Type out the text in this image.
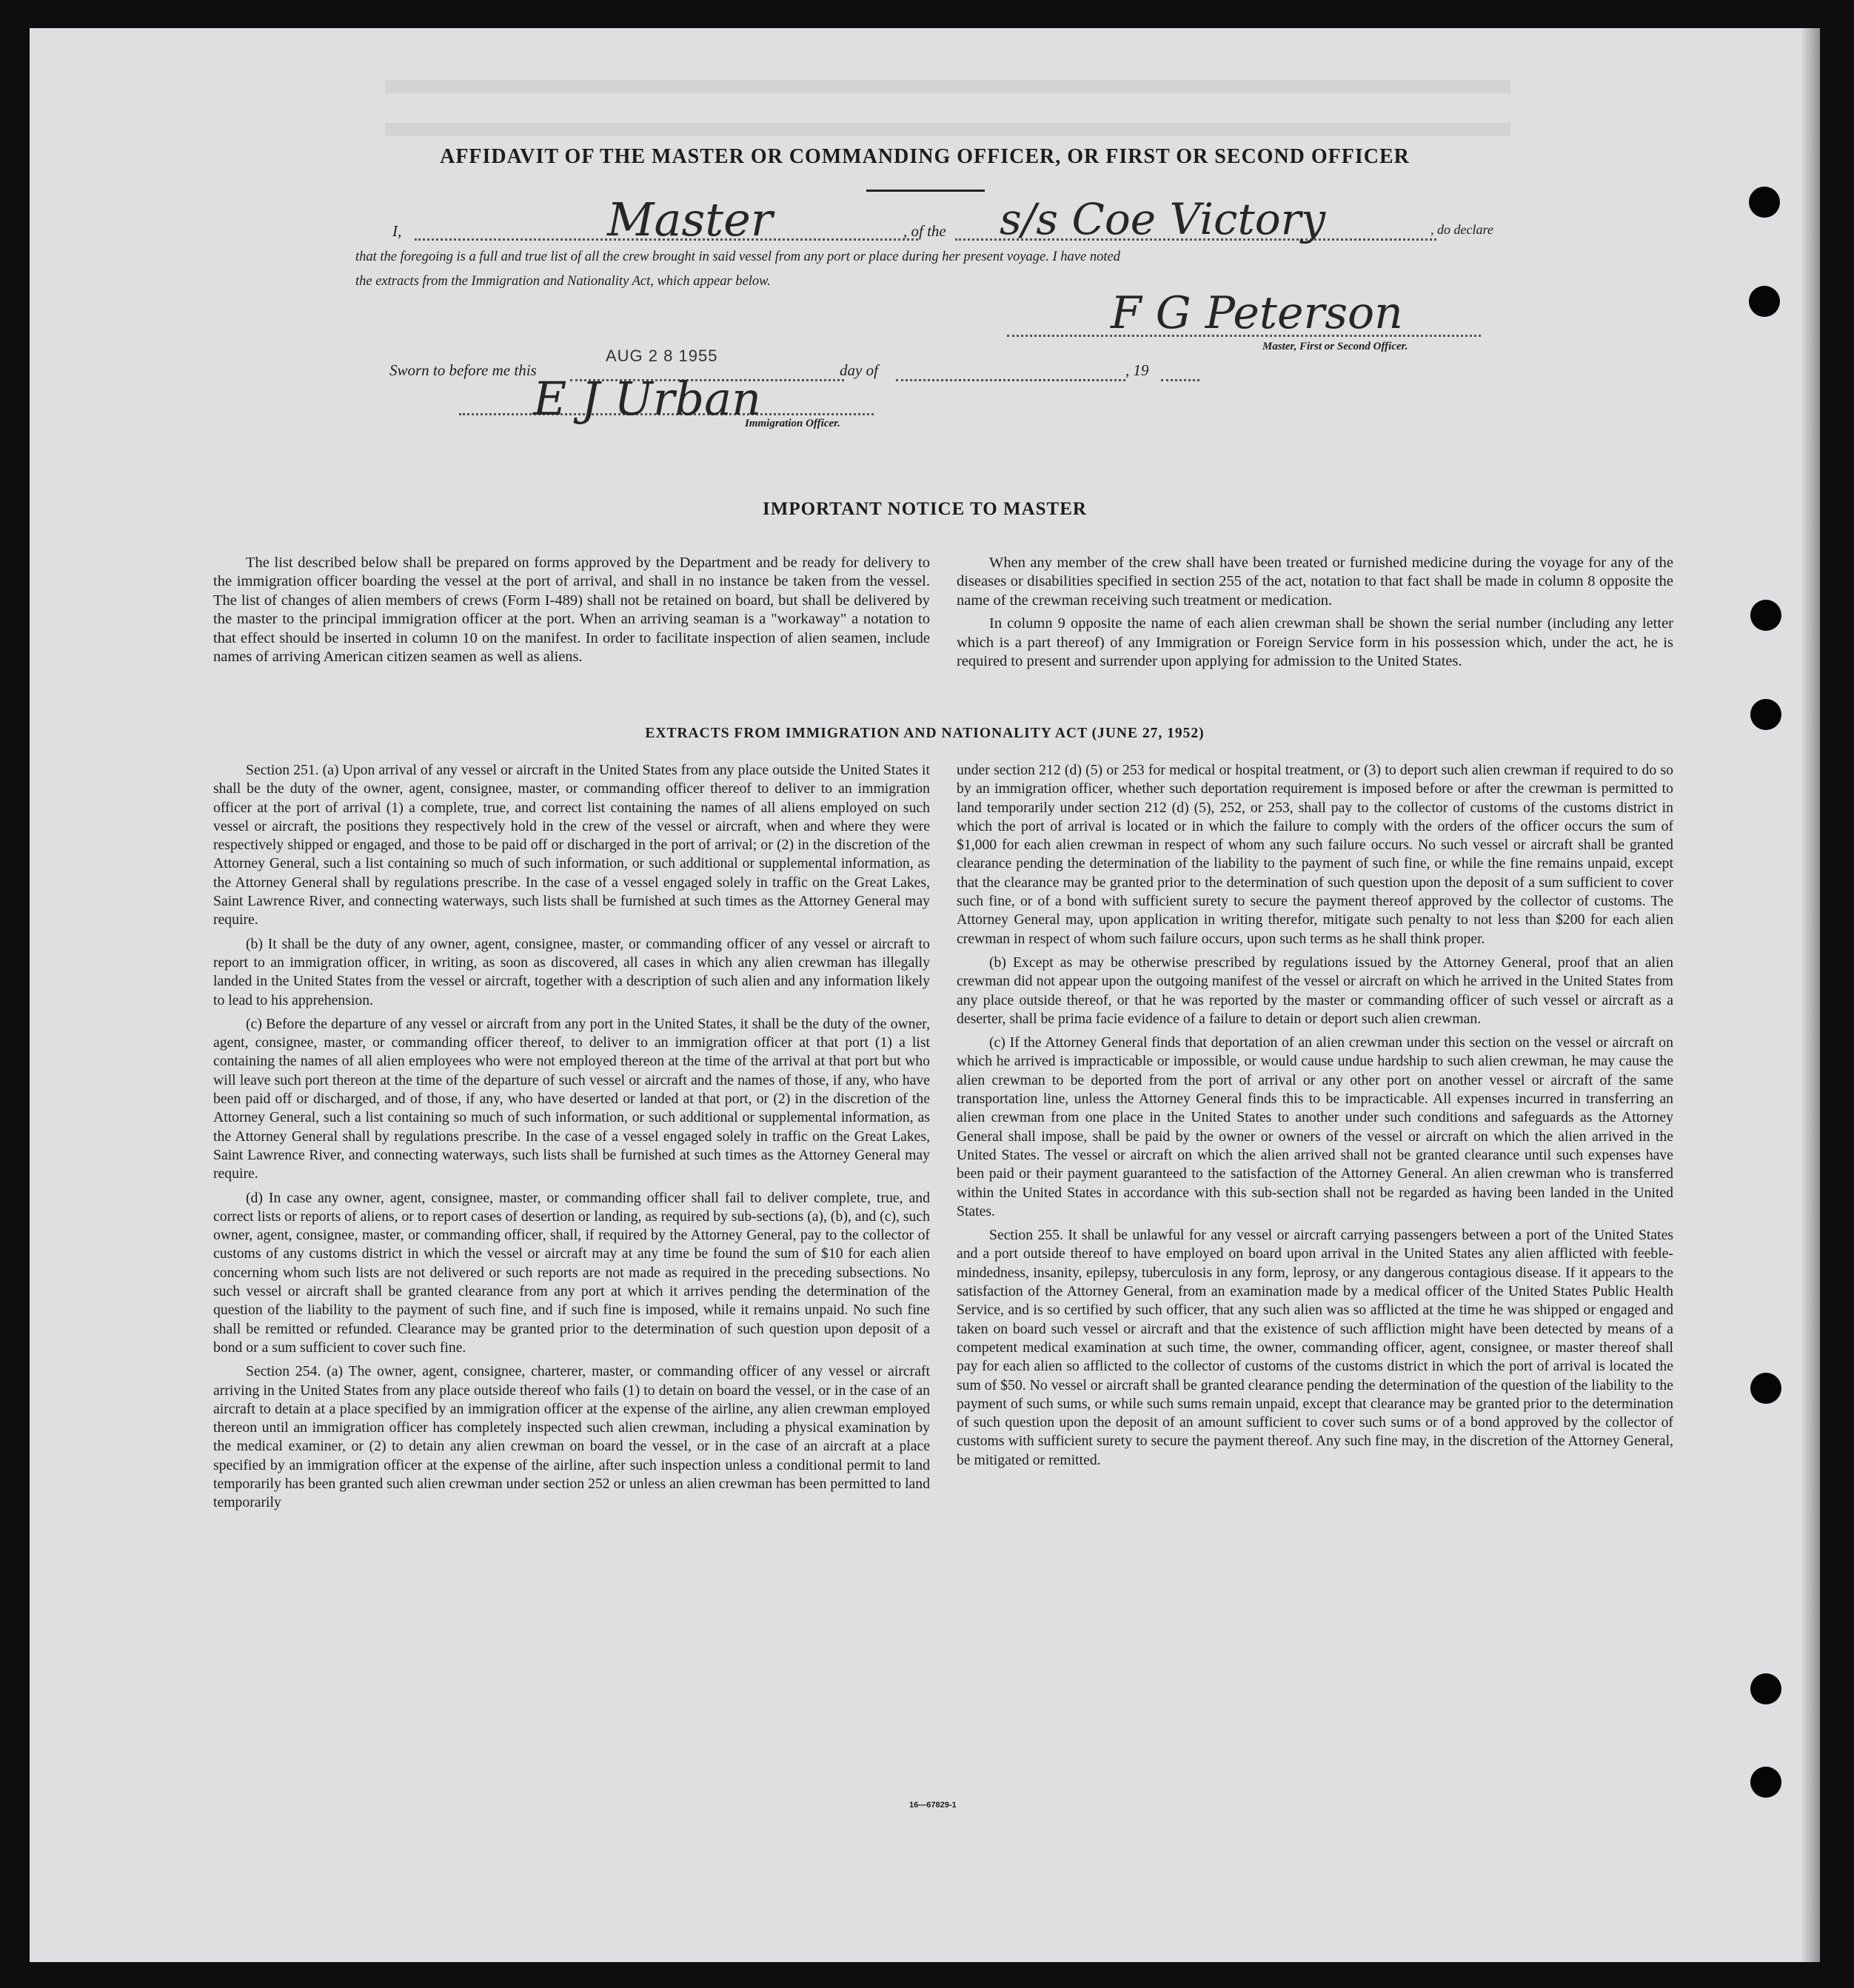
AFFIDAVIT OF THE MASTER OR COMMANDING OFFICER, OR FIRST OR SECOND OFFICER
I,	Master	, of the s/s Coe Victory	, do declare
that the foregoing is a full and true list of all the crew brought in said vessel from any port or place during her present voyage. I have noted
the extracts from the Immigration and Nationality Act, which appear below.
F G Peterson
Master, First or Second Officer.
Sworn to before me this
AUG 2 8 1955
day of	, 19
E J Urban
Immigration Officer.
IMPORTANT NOTICE TO MASTER
The list described below shall be prepared on forms approved by the Department and be ready for delivery to the immigration officer boarding the vessel at the port of arrival, and shall in no instance be taken from the vessel. The list of changes of alien members of crews (Form I-489) shall not be retained on board, but shall be delivered by the master to the principal immigration officer at the port. When an arriving seaman is a "workaway" a notation to that effect should be inserted in column 10 on the manifest. In order to facilitate inspection of alien seamen, include names of arriving American citizen seamen as well as aliens.
When any member of the crew shall have been treated or furnished medicine during the voyage for any of the diseases or disabilities specified in section 255 of the act, notation to that fact shall be made in column 8 opposite the name of the crewman receiving such treatment or medication.
In column 9 opposite the name of each alien crewman shall be shown the serial number (including any letter which is a part thereof) of any Immigration or Foreign Service form in his possession which, under the act, he is required to present and surrender upon applying for admission to the United States.
EXTRACTS FROM IMMIGRATION AND NATIONALITY ACT (JUNE 27, 1952)

Section 251. (a) Upon arrival of any vessel or aircraft in the United States from any place outside the United States it shall be the duty of the owner, agent, consignee, master, or commanding officer thereof to deliver to an immigration officer at the port of arrival (1) a complete, true, and correct list containing the names of all aliens employed on such vessel or aircraft, the positions they respectively hold in the crew of the vessel or aircraft, when and where they were respectively shipped or engaged, and those to be paid off or discharged in the port of arrival; or (2) in the discretion of the Attorney General, such a list containing so much of such information, or such additional or supplemental information, as the Attorney General shall by regulations prescribe. In the case of a vessel engaged solely in traffic on the Great Lakes, Saint Lawrence River, and connecting waterways, such lists shall be furnished at such times as the Attorney General may require.

(b) It shall be the duty of any owner, agent, consignee, master, or commanding officer of any vessel or aircraft to report to an immigration officer, in writing, as soon as discovered, all cases in which any alien crewman has illegally landed in the United States from the vessel or aircraft, together with a description of such alien and any information likely to lead to his apprehension.

(c) Before the departure of any vessel or aircraft from any port in the United States, it shall be the duty of the owner, agent, consignee, master, or commanding officer thereof, to deliver to an immigration officer at that port (1) a list containing the names of all alien employees who were not employed thereon at the time of the arrival at that port but who will leave such port thereon at the time of the departure of such vessel or aircraft and the names of those, if any, who have been paid off or discharged, and of those, if any, who have deserted or landed at that port, or (2) in the discretion of the Attorney General, such a list containing so much of such information, or such additional or supplemental information, as the Attorney General shall by regulations prescribe. In the case of a vessel engaged solely in traffic on the Great Lakes, Saint Lawrence River, and connecting waterways, such lists shall be furnished at such times as the Attorney General may require.

(d) In case any owner, agent, consignee, master, or commanding officer shall fail to deliver complete, true, and correct lists or reports of aliens, or to report cases of desertion or landing, as required by sub-sections (a), (b), and (c), such owner, agent, consignee, master, or commanding officer, shall, if required by the Attorney General, pay to the collector of customs of any customs district in which the vessel or aircraft may at any time be found the sum of $10 for each alien concerning whom such lists are not delivered or such reports are not made as required in the preceding subsections. No such vessel or aircraft shall be granted clearance from any port at which it arrives pending the determination of the question of the liability to the payment of such fine, and if such fine is imposed, while it remains unpaid. No such fine shall be remitted or refunded. Clearance may be granted prior to the determination of such question upon deposit of a bond or a sum sufficient to cover such fine.

Section 254. (a) The owner, agent, consignee, charterer, master, or commanding officer of any vessel or aircraft arriving in the United States from any place outside thereof who fails (1) to detain on board the vessel, or in the case of an aircraft to detain at a place specified by an immigration officer at the expense of the airline, any alien crewman employed thereon until an immigration officer has completely inspected such alien crewman, including a physical examination by the medical examiner, or (2) to detain any alien crewman on board the vessel, or in the case of an aircraft at a place specified by an immigration officer at the expense of the airline, after such inspection unless a conditional permit to land temporarily has been granted such alien crewman under section 252 or unless an alien crewman has been permitted to land temporarily

under section 212 (d) (5) or 253 for medical or hospital treatment, or (3) to deport such alien crewman if required to do so by an immigration officer, whether such deportation requirement is imposed before or after the crewman is permitted to land temporarily under section 212 (d) (5), 252, or 253, shall pay to the collector of customs of the customs district in which the port of arrival is located or in which the failure to comply with the orders of the officer occurs the sum of $1,000 for each alien crewman in respect of whom any such failure occurs. No such vessel or aircraft shall be granted clearance pending the determination of the liability to the payment of such fine, or while the fine remains unpaid, except that the clearance may be granted prior to the determination of such question upon the deposit of a sum sufficient to cover such fine, or of a bond with sufficient surety to secure the payment thereof approved by the collector of customs. The Attorney General may, upon application in writing therefor, mitigate such penalty to not less than $200 for each alien crewman in respect of whom such failure occurs, upon such terms as he shall think proper.

(b) Except as may be otherwise prescribed by regulations issued by the Attorney General, proof that an alien crewman did not appear upon the outgoing manifest of the vessel or aircraft on which he arrived in the United States from any place outside thereof, or that he was reported by the master or commanding officer of such vessel or aircraft as a deserter, shall be prima facie evidence of a failure to detain or deport such alien crewman.

(c) If the Attorney General finds that deportation of an alien crewman under this section on the vessel or aircraft on which he arrived is impracticable or impossible, or would cause undue hardship to such alien crewman, he may cause the alien crewman to be deported from the port of arrival or any other port on another vessel or aircraft of the same transportation line, unless the Attorney General finds this to be impracticable. All expenses incurred in transferring an alien crewman from one place in the United States to another under such conditions and safeguards as the Attorney General shall impose, shall be paid by the owner or owners of the vessel or aircraft on which the alien arrived in the United States. The vessel or aircraft on which the alien arrived shall not be granted clearance until such expenses have been paid or their payment guaranteed to the satisfaction of the Attorney General. An alien crewman who is transferred within the United States in accordance with this sub-section shall not be regarded as having been landed in the United States.

Section 255. It shall be unlawful for any vessel or aircraft carrying passengers between a port of the United States and a port outside thereof to have employed on board upon arrival in the United States any alien afflicted with feeble-mindedness, insanity, epilepsy, tuberculosis in any form, leprosy, or any dangerous contagious disease. If it appears to the satisfaction of the Attorney General, from an examination made by a medical officer of the United States Public Health Service, and is so certified by such officer, that any such alien was so afflicted at the time he was shipped or engaged and taken on board such vessel or aircraft and that the existence of such affliction might have been detected by means of a competent medical examination at such time, the owner, commanding officer, agent, consignee, or master thereof shall pay for each alien so afflicted to the collector of customs of the customs district in which the port of arrival is located the sum of $50. No vessel or aircraft shall be granted clearance pending the determination of the question of the liability to the payment of such sums, or while such sums remain unpaid, except that clearance may be granted prior to the determination of such question upon the deposit of an amount sufficient to cover such sums or of a bond approved by the collector of customs with sufficient surety to secure the payment thereof. Any such fine may, in the discretion of the Attorney General, be mitigated or remitted.

16—67829-1
